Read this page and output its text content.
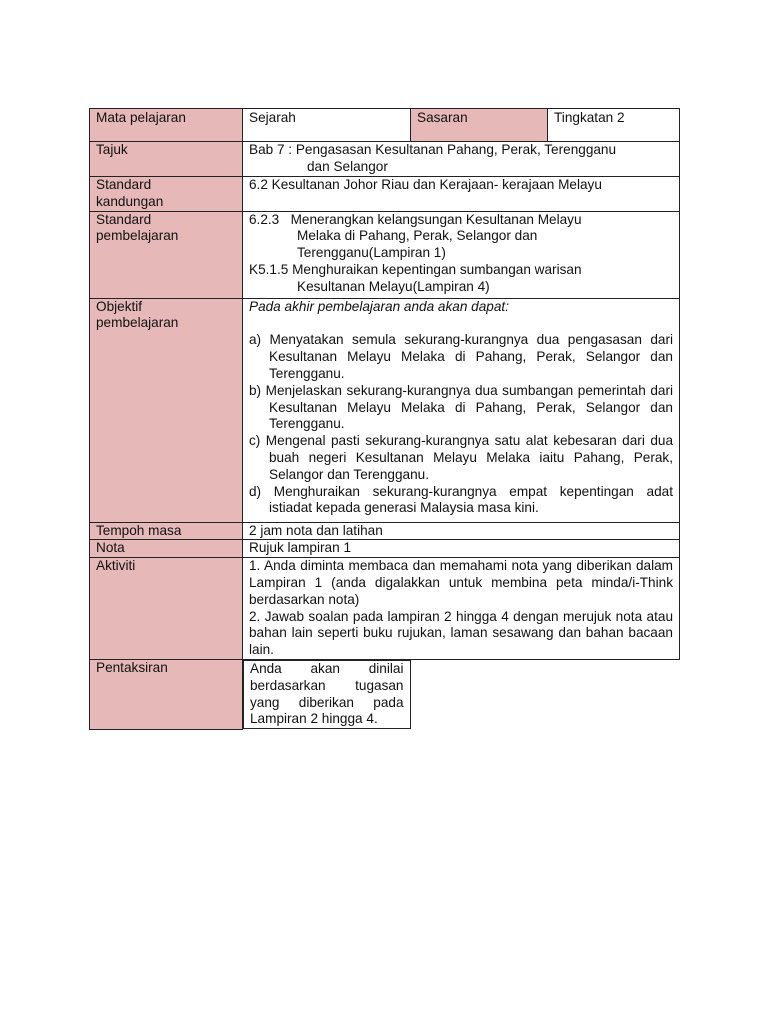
Mata pelajaran	Sejarah	Sasaran	Tingkatan 2
Tajuk	Bab 7 : Pengasasan Kesultanan Pahang, Perak, Terengganu
dan Selangor		

Standard
kandungan	6.2 Kesultanan Johor Riau dan Kerajaan- kerajaan Melayu		
Standard
pembelajaran	6.2.3 Menerangkan kelangsungan Kesultanan Melayu
Melaka di Pahang, Perak, Selangor dan
Terengganu(Lampiran 1)
K5.1.5 Menghuraikan kepentingan sumbangan warisan
Kesultanan Melayu(Lampiran 4)		

Objektif
pembelajaran	Pada akhir pembelajaran anda akan dapat:
a) Menyatakan semula sekurang-kurangnya dua pengasasan dari Kesultanan Melayu Melaka di Pahang, Perak, Selangor dan Terengganu.
b) Menjelaskan sekurang-kurangnya dua sumbangan pemerintah dari Kesultanan Melayu Melaka di Pahang, Perak, Selangor dan Terengganu.
c) Mengenal pasti sekurang-kurangnya satu alat kebesaran dari dua buah negeri Kesultanan Melayu Melaka iaitu Pahang, Perak, Selangor dan Terengganu.
d) Menghuraikan sekurang-kurangnya empat kepentingan adat istiadat kepada generasi Malaysia masa kini.		

Tempoh masa	2 jam nota dan latihan		
Nota	Rujuk lampiran 1		
Aktiviti	1. Anda diminta membaca dan memahami nota yang diberikan dalam Lampiran 1 (anda digalakkan untuk membina peta minda/i-Think berdasarkan nota)
2. Jawab soalan pada lampiran 2 hingga 4 dengan merujuk nota atau bahan lain seperti buku rujukan, laman sesawang dan bahan bacaan lain.		

Pentaksiran		Anda akan dinilai berdasarkan tugasan yang diberikan pada Lampiran 2 hingga 4.
